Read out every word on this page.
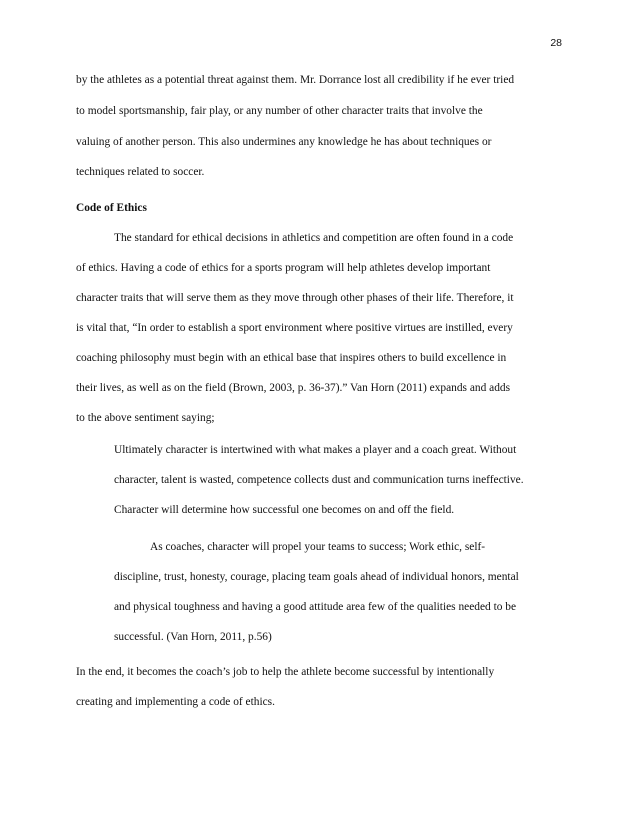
28
by the athletes as a potential threat against them. Mr. Dorrance lost all credibility if he ever tried
to model sportsmanship, fair play, or any number of other character traits that involve the
valuing of another person. This also undermines any knowledge he has about techniques or
techniques related to soccer.
Code of Ethics
The standard for ethical decisions in athletics and competition are often found in a code
of ethics. Having a code of ethics for a sports program will help athletes develop important
character traits that will serve them as they move through other phases of their life. Therefore, it
is vital that, “In order to establish a sport environment where positive virtues are instilled, every
coaching philosophy must begin with an ethical base that inspires others to build excellence in
their lives, as well as on the field (Brown, 2003, p. 36-37).” Van Horn (2011) expands and adds
to the above sentiment saying;
Ultimately character is intertwined with what makes a player and a coach great. Without
character, talent is wasted, competence collects dust and communication turns ineffective.
Character will determine how successful one becomes on and off the field.
As coaches, character will propel your teams to success; Work ethic, self-
discipline, trust, honesty, courage, placing team goals ahead of individual honors, mental
and physical toughness and having a good attitude area few of the qualities needed to be
successful. (Van Horn, 2011, p.56)
In the end, it becomes the coach’s job to help the athlete become successful by intentionally
creating and implementing a code of ethics.
